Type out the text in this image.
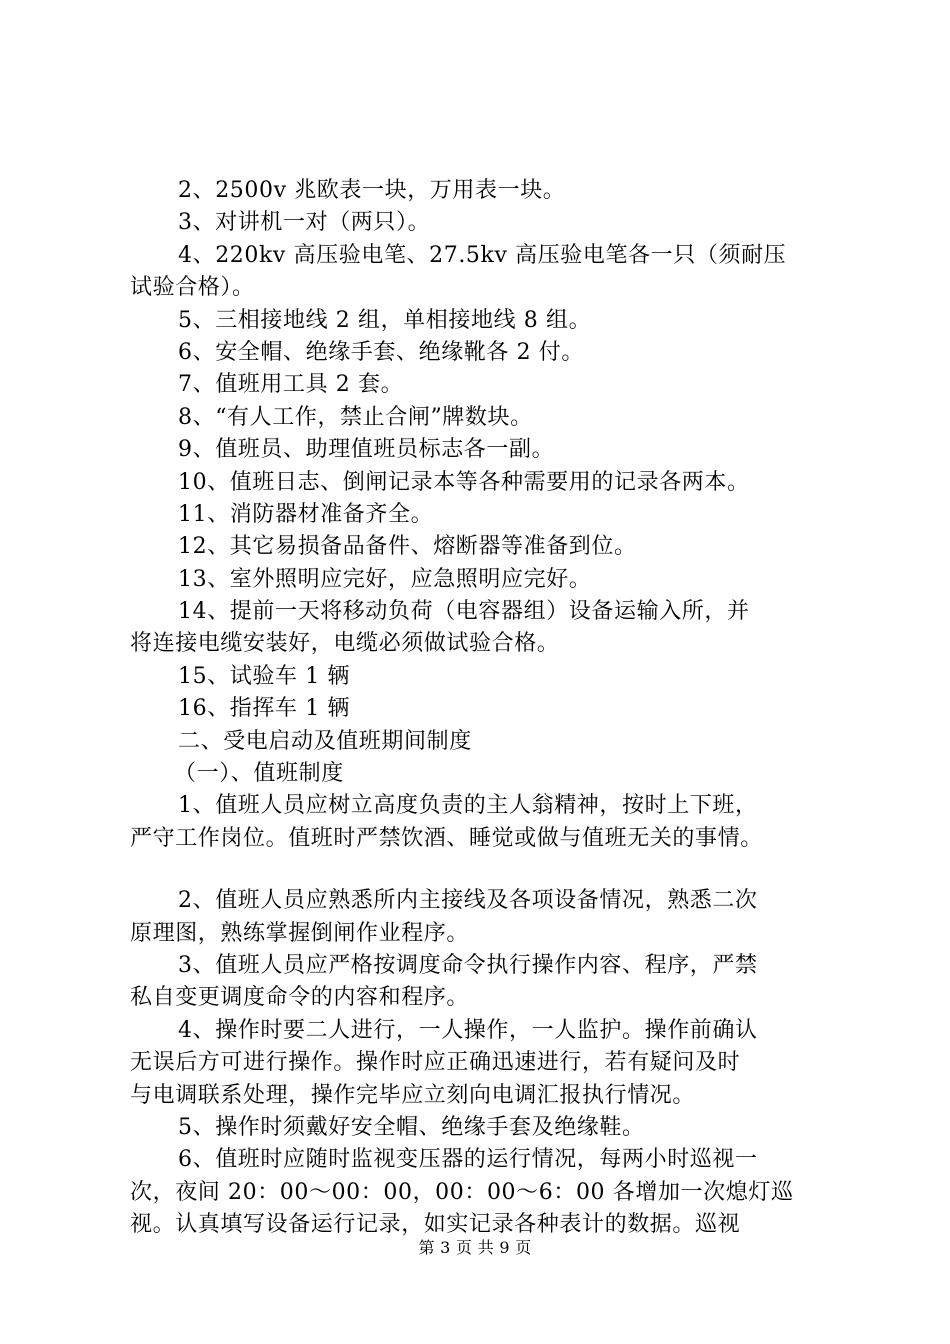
2、2500v 兆欧表一块，万用表一块。
3、对讲机一对（两只）。
4、220kv 高压验电笔、27.5kv 高压验电笔各一只（须耐压
试验合格）。
5、三相接地线 2 组，单相接地线 8 组。
6、安全帽、绝缘手套、绝缘靴各 2 付。
7、值班用工具 2 套。
8、“有人工作，禁止合闸”牌数块。
9、值班员、助理值班员标志各一副。
10、值班日志、倒闸记录本等各种需要用的记录各两本。
11、消防器材准备齐全。
12、其它易损备品备件、熔断器等准备到位。
13、室外照明应完好，应急照明应完好。
14、提前一天将移动负荷（电容器组）设备运输入所，并
将连接电缆安装好，电缆必须做试验合格。
15、试验车 1 辆
16、指挥车 1 辆
二、受电启动及值班期间制度
（一）、值班制度
1、值班人员应树立高度负责的主人翁精神，按时上下班，
严守工作岗位。值班时严禁饮酒、睡觉或做与值班无关的事情。
2、值班人员应熟悉所内主接线及各项设备情况，熟悉二次
原理图，熟练掌握倒闸作业程序。
3、值班人员应严格按调度命令执行操作内容、程序，严禁
私自变更调度命令的内容和程序。
4、操作时要二人进行，一人操作，一人监护。操作前确认
无误后方可进行操作。操作时应正确迅速进行，若有疑问及时
与电调联系处理，操作完毕应立刻向电调汇报执行情况。
5、操作时须戴好安全帽、绝缘手套及绝缘鞋。
6、值班时应随时监视变压器的运行情况，每两小时巡视一
次，夜间 20：00～00：00，00：00～6：00 各增加一次熄灯巡
视。认真填写设备运行记录，如实记录各种表计的数据。巡视
第 3 页 共 9 页
